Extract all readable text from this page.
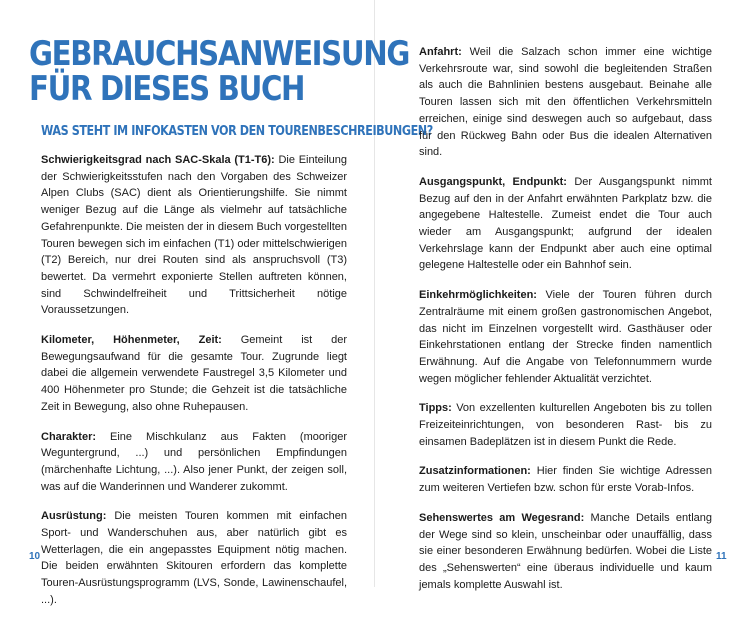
GEBRAUCHSANWEISUNG
FÜR DIESES BUCH
WAS STEHT IM INFOKASTEN VOR DEN TOURENBESCHREIBUNGEN?

Schwierigkeitsgrad nach SAC-Skala (T1-T6): Die Einteilung der Schwierigkeitsstufen nach den Vorgaben des Schweizer Alpen Clubs (SAC) dient als Orientierungshilfe. Sie nimmt weniger Bezug auf die Länge als vielmehr auf tatsächliche Gefahrenpunkte. Die meisten der in diesem Buch vorgestellten Touren bewegen sich im einfachen (T1) oder mittelschwierigen (T2) Bereich, nur drei Routen sind als anspruchsvoll (T3) bewertet. Da vermehrt exponierte Stellen auftreten können, sind Schwindelfreiheit und Trittsicherheit nötige Voraussetzungen.

Kilometer, Höhenmeter, Zeit: Gemeint ist der Bewegungsaufwand für die gesamte Tour. Zugrunde liegt dabei die allgemein verwendete Faustregel 3,5 Kilometer und 400 Höhenmeter pro Stunde; die Gehzeit ist die tatsächliche Zeit in Bewegung, also ohne Ruhepausen.

Charakter: Eine Mischkulanz aus Fakten (mooriger Weguntergrund, ...) und persönlichen Empfindungen (märchenhafte Lichtung, ...). Also jener Punkt, der zeigen soll, was auf die Wanderinnen und Wanderer zukommt.

Ausrüstung: Die meisten Touren kommen mit einfachen Sport- und Wanderschuhen aus, aber natürlich gibt es Wetterlagen, die ein angepasstes Equipment nötig machen. Die beiden erwähnten Skitouren erfordern das komplette Touren-Ausrüstungsprogramm (LVS, Sonde, Lawinenschaufel, ...).

10

Anfahrt: Weil die Salzach schon immer eine wichtige Verkehrsroute war, sind sowohl die begleitenden Straßen als auch die Bahnlinien bestens ausgebaut. Beinahe alle Touren lassen sich mit den öffentlichen Verkehrsmitteln erreichen, einige sind deswegen auch so aufgebaut, dass für den Rückweg Bahn oder Bus die idealen Alternativen sind.

Ausgangspunkt, Endpunkt: Der Ausgangspunkt nimmt Bezug auf den in der Anfahrt erwähnten Parkplatz bzw. die angegebene Haltestelle. Zumeist endet die Tour auch wieder am Ausgangspunkt; aufgrund der idealen Verkehrslage kann der Endpunkt aber auch eine optimal gelegene Haltestelle oder ein Bahnhof sein.

Einkehrmöglichkeiten: Viele der Touren führen durch Zentralräume mit einem großen gastronomischen Angebot, das nicht im Einzelnen vorgestellt wird. Gasthäuser oder Einkehrstationen entlang der Strecke finden namentlich Erwähnung. Auf die Angabe von Telefonnummern wurde wegen möglicher fehlender Aktualität verzichtet.

Tipps: Von exzellenten kulturellen Angeboten bis zu tollen Freizeiteinrichtungen, von besonderen Rast- bis zu einsamen Badeplätzen ist in diesem Punkt die Rede.

Zusatzinformationen: Hier finden Sie wichtige Adressen zum weiteren Vertiefen bzw. schon für erste Vorab-Infos.

Sehenswertes am Wegesrand: Manche Details entlang der Wege sind so klein, unscheinbar oder unauffällig, dass sie einer besonderen Erwähnung bedürfen. Wobei die Liste des „Sehenswerten“ eine überaus individuelle und kaum jemals komplette Auswahl ist.

11
